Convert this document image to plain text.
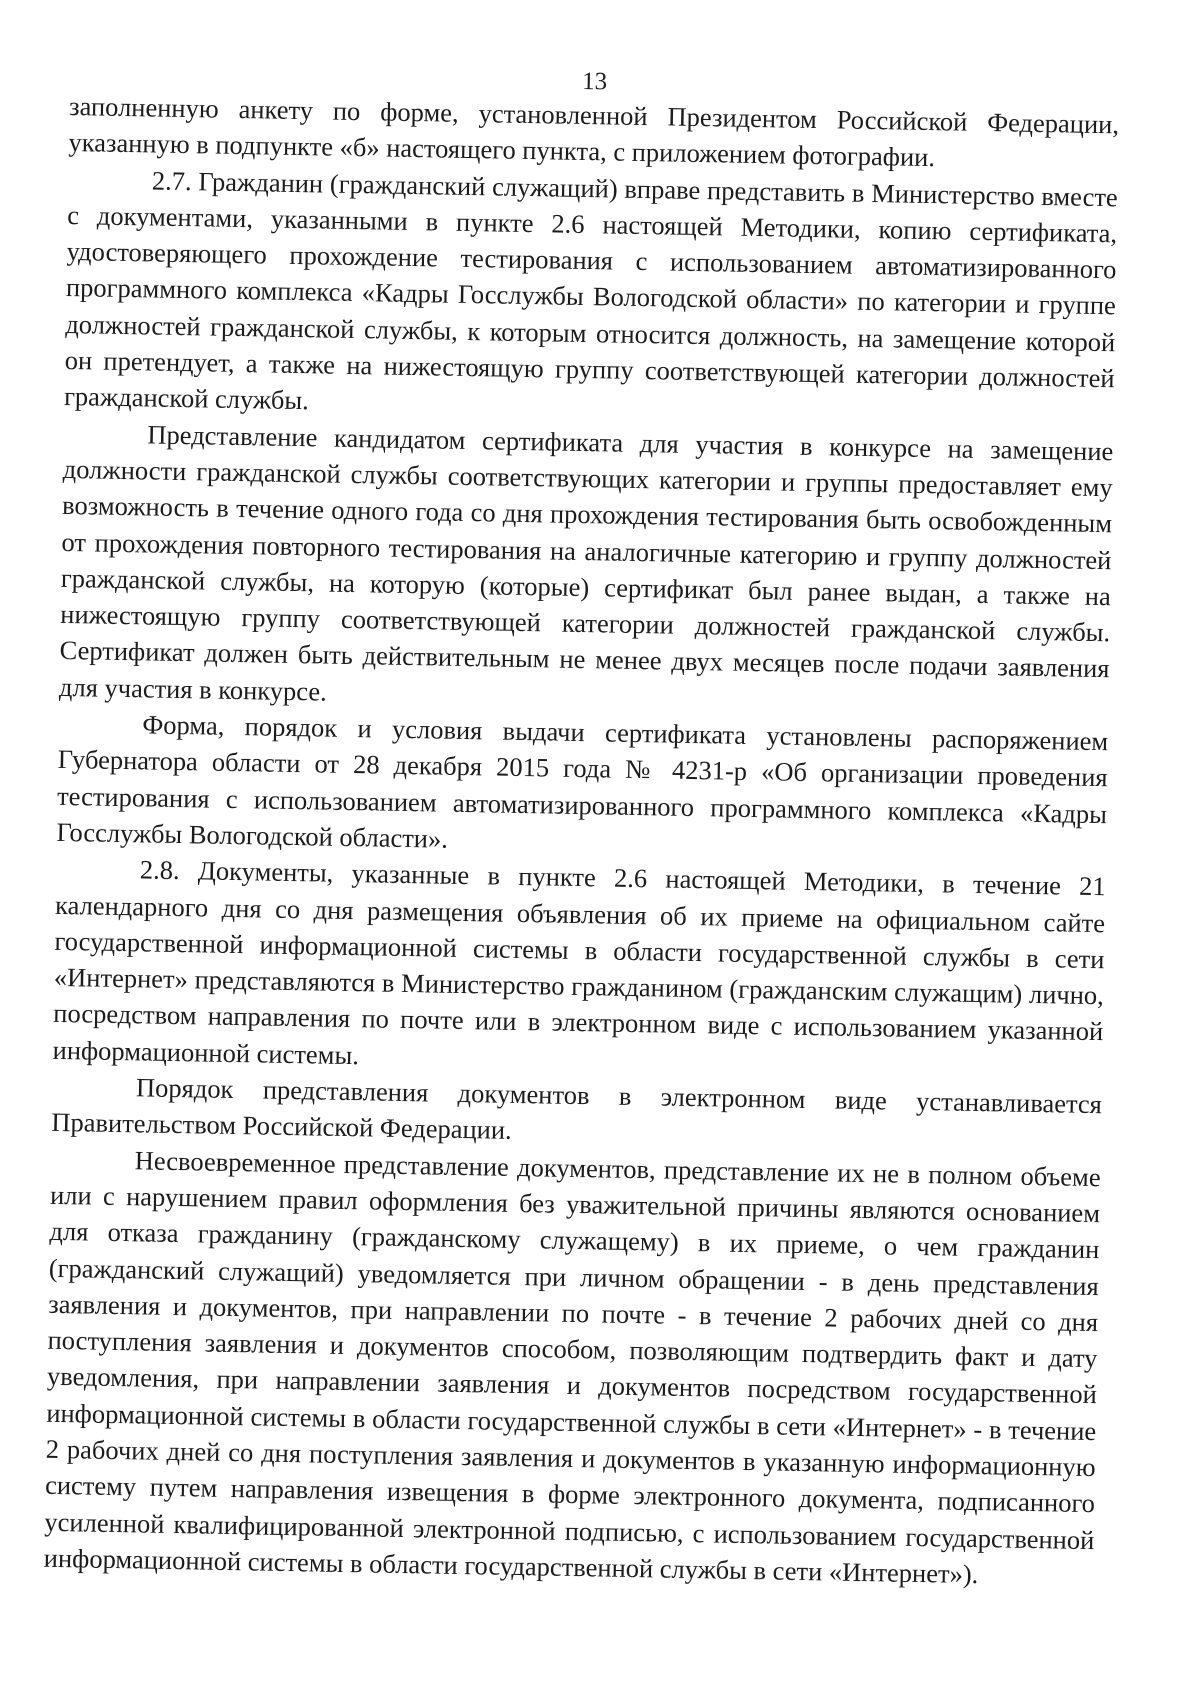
13

заполненную анкету по форме, установленной Президентом Российской Федерации, указанную в подпункте «б» настоящего пункта, с приложением фотографии.

2.7. Гражданин (гражданский служащий) вправе представить в Министерство вместе с документами, указанными в пункте 2.6 настоящей Методики, копию сертификата, удостоверяющего прохождение тестирования с использованием автоматизированного программного комплекса «Кадры Госслужбы Вологодской области» по категории и группе должностей гражданской службы, к которым относится должность, на замещение которой он претендует, а также на нижестоящую группу соответствующей категории должностей гражданской службы.

Представление кандидатом сертификата для участия в конкурсе на замещение должности гражданской службы соответствующих категории и группы предоставляет ему возможность в течение одного года со дня прохождения тестирования быть освобожденным от прохождения повторного тестирования на аналогичные категорию и группу должностей гражданской службы, на которую (которые) сертификат был ранее выдан, а также на нижестоящую группу соответствующей категории должностей гражданской службы. Сертификат должен быть действительным не менее двух месяцев после подачи заявления для участия в конкурсе.

Форма, порядок и условия выдачи сертификата установлены распоряжением Губернатора области от 28 декабря 2015 года № 4231-р «Об организации проведения тестирования с использованием автоматизированного программного комплекса «Кадры Госслужбы Вологодской области».

2.8. Документы, указанные в пункте 2.6 настоящей Методики, в течение 21 календарного дня со дня размещения объявления об их приеме на официальном сайте государственной информационной системы в области государственной службы в сети «Интернет» представляются в Министерство гражданином (гражданским служащим) лично, посредством направления по почте или в электронном виде с использованием указанной информационной системы.

Порядок представления документов в электронном виде устанавливается Правительством Российской Федерации.

Несвоевременное представление документов, представление их не в полном объеме или с нарушением правил оформления без уважительной причины являются основанием для отказа гражданину (гражданскому служащему) в их приеме, о чем гражданин (гражданский служащий) уведомляется при личном обращении - в день представления заявления и документов, при направлении по почте - в течение 2 рабочих дней со дня поступления заявления и документов способом, позволяющим подтвердить факт и дату уведомления, при направлении заявления и документов посредством государственной информационной системы в области государственной службы в сети «Интернет» - в течение 2 рабочих дней со дня поступления заявления и документов в указанную информационную систему путем направления извещения в форме электронного документа, подписанного усиленной квалифицированной электронной подписью, с использованием государственной информационной системы в области государственной службы в сети «Интернет»).
